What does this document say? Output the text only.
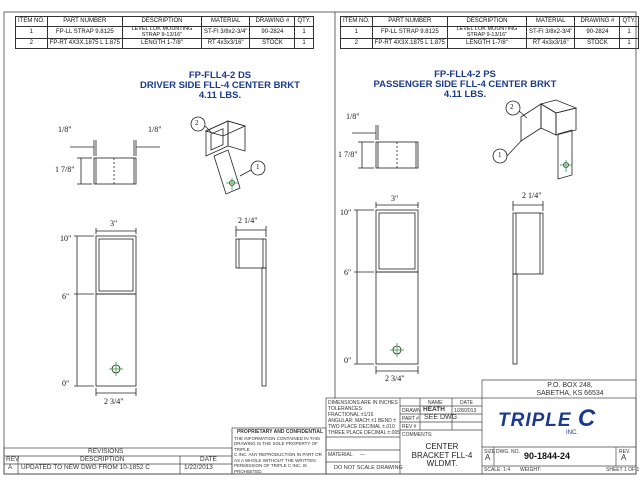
ITEM NO.	PART NUMBER	DESCRIPTION	MATERIAL	DRAWING #	QTY.
1	FP-LL STRAP 9.8125	LEVEL LOK MOUNTING STRAP 9-13/16"	ST-FI 3/8x2-3/4"	90-2824	1
2	FP-RT 4X3X.1875 L 1.875	LENGTH 1-7/8"	RT 4x3x3/16"	STOCK	1
ITEM NO.	PART NUMBER	DESCRIPTION	MATERIAL	DRAWING #	QTY.
1	FP-LL STRAP 9.8125	LEVEL LOK MOUNTING STRAP 9-13/16"	ST-FI 3/8x2-3/4"	90-2824	1
2	FP-RT 4X3X.1875 L 1.875	LENGTH 1-7/8"	RT 4x3x3/16"	STOCK	1
FP-FLL4-2 DS
DRIVER SIDE FLL-4 CENTER BRKT
4.11 LBS.
FP-FLL4-2 PS
PASSENGER SIDE FLL-4 CENTER BRKT
4.11 LBS.
1/8"	1/8"
1 7/8"
3"	2 1/4"
10"
6"
0"
2 3/4"
1/8"
1 7/8"
3"	2 1/4"
10"
6"
0"
2 3/4"
2
1
2
1
P.O. BOX 248,
SABETHA, KS 66534
TRIPLE C
INC.
DIMENSIONS ARE IN INCHES
TOLERANCES:
FRACTIONAL ±1/16
ANGULAR: MACH ±1 BEND ±
TWO PLACE DECIMAL ±.010
THREE PLACE DECIMAL ±.005
NAME	DATE
DRAWN HEATH 1/28/2013
PART # SEE DWG
REV #
COMMENTS:
MATERIAL ---
DO NOT SCALE DRAWING
CENTER
BRACKET FLL-4
WLDMT.
SIZE
A
DWG. NO. 90-1844-24	REV.
A
SCALE: 1:4 WEIGHT:	SHEET 1 OF 1
PROPRIETARY AND CONFIDENTIAL
THE INFORMATION CONTAINED IN THIS
DRAWING IS THE SOLE PROPERTY OF TRIPLE
C INC. ANY REPRODUCTION IN PART OR
AS A WHOLE WITHOUT THE WRITTEN
PERMISSION OF TRIPLE C INC. IS PROHIBITED.
REVISIONS
REV	DESCRIPTION	DATE
A UPDATED TO NEW DWG FROM 10-1852 C	1/22/2013
